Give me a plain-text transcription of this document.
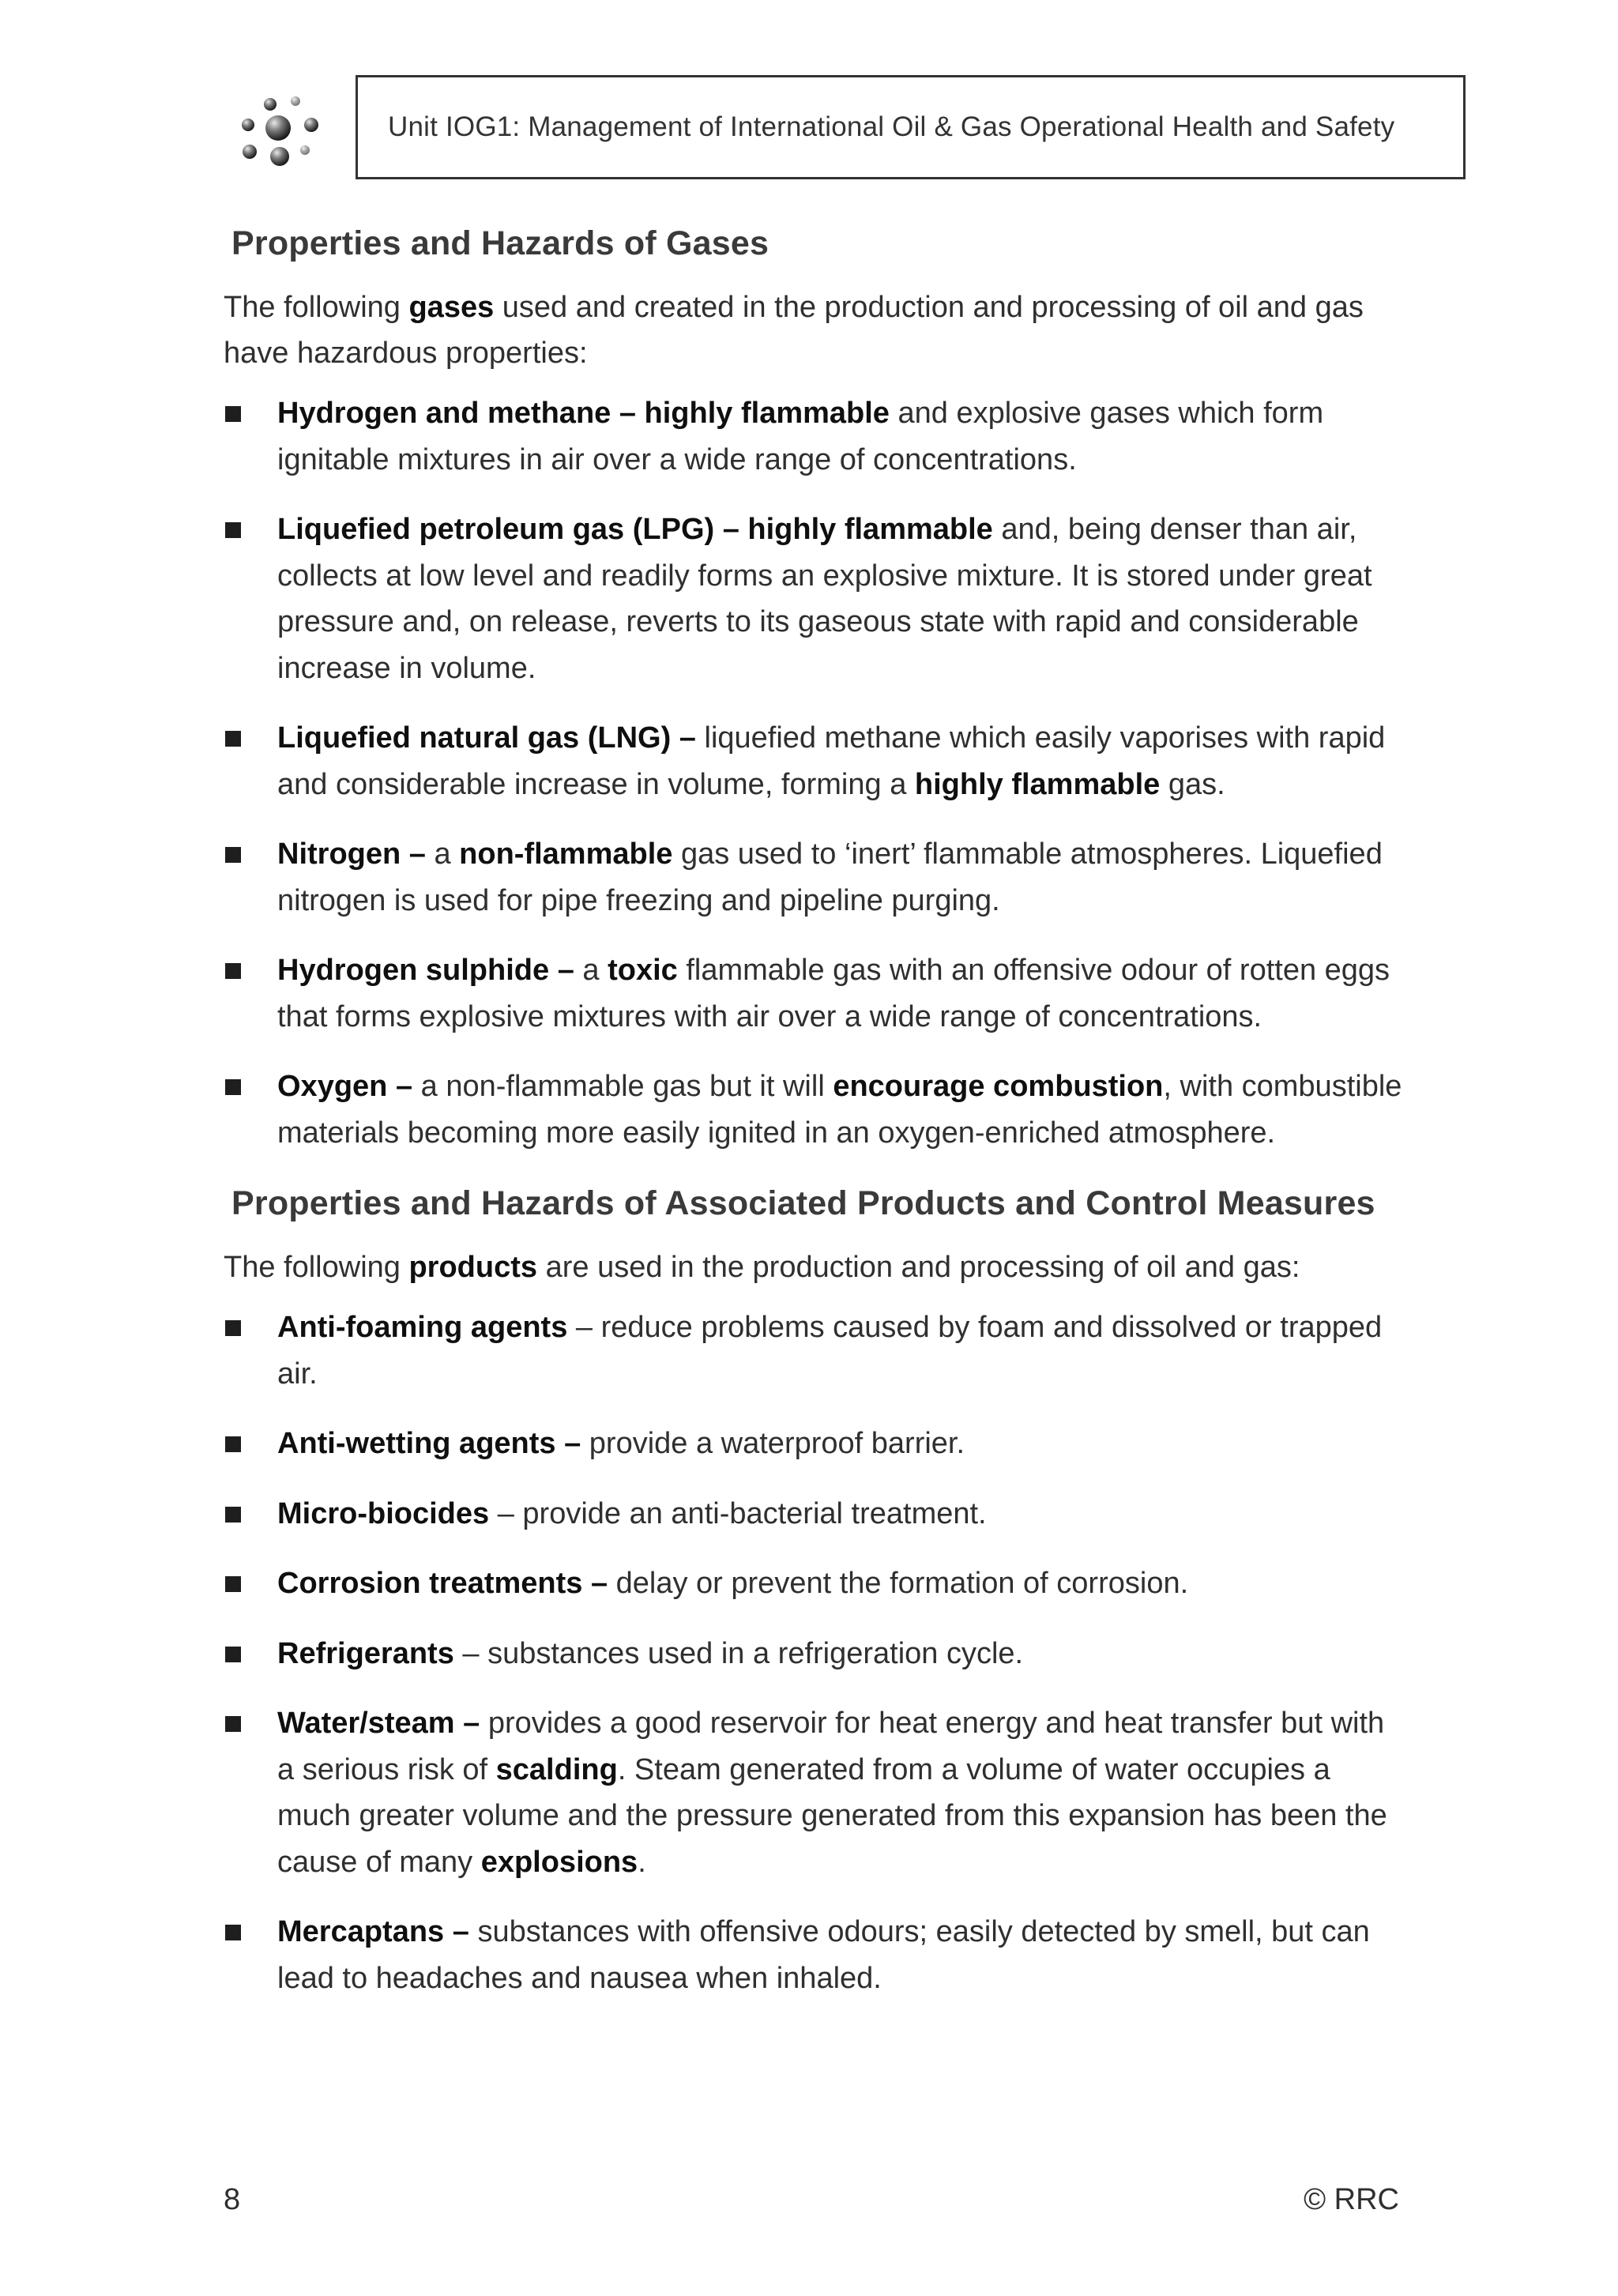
Unit IOG1: Management of International Oil & Gas Operational Health and Safety
Properties and Hazards of Gases

The following gases used and created in the production and processing of oil and gas have hazardous properties:

Hydrogen and methane – highly flammable and explosive gases which form ignitable mixtures in air over a wide range of concentrations.
Liquefied petroleum gas (LPG) – highly flammable and, being denser than air, collects at low level and readily forms an explosive mixture. It is stored under great pressure and, on release, reverts to its gaseous state with rapid and considerable increase in volume.
Liquefied natural gas (LNG) – liquefied methane which easily vaporises with rapid and considerable increase in volume, forming a highly flammable gas.
Nitrogen – a non-flammable gas used to ‘inert’ flammable atmospheres. Liquefied nitrogen is used for pipe freezing and pipeline purging.
Hydrogen sulphide – a toxic flammable gas with an offensive odour of rotten eggs that forms explosive mixtures with air over a wide range of concentrations.
Oxygen – a non-flammable gas but it will encourage combustion, with combustible materials becoming more easily ignited in an oxygen-enriched atmosphere.
Properties and Hazards of Associated Products and Control Measures

The following products are used in the production and processing of oil and gas:

Anti-foaming agents – reduce problems caused by foam and dissolved or trapped air.
Anti-wetting agents – provide a waterproof barrier.
Micro-biocides – provide an anti-bacterial treatment.
Corrosion treatments – delay or prevent the formation of corrosion.
Refrigerants – substances used in a refrigeration cycle.
Water/steam – provides a good reservoir for heat energy and heat transfer but with a serious risk of scalding. Steam generated from a volume of water occupies a much greater volume and the pressure generated from this expansion has been the cause of many explosions.
Mercaptans – substances with offensive odours; easily detected by smell, but can lead to headaches and nausea when inhaled.
8	© RRC
